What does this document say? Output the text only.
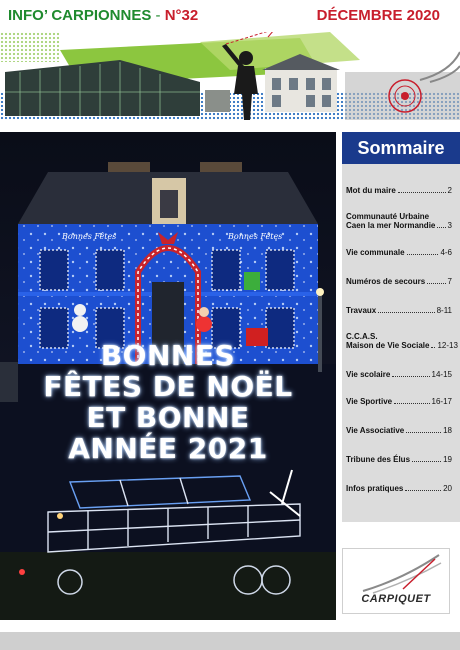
INFO’ CARPIONNES - N°32	DÉCEMBRE 2020
Bonnes Fêtes	Bonnes Fêtes
BONNES
FÊTES DE NOËL
ET BONNE
ANNÉE 2021
Sommaire
Mot du maire	2
Communauté Urbaine
Caen la mer Normandie 3
Vie communale	4-6
Numéros de secours	7
Travaux	8-11
C.C.A.S.
Maison de Vie Sociale 12-13
Vie scolaire	14-15
Vie Sportive	16-17
Vie Associative	18
Tribune des Élus	19
Infos pratiques	20
CARPIQUET
